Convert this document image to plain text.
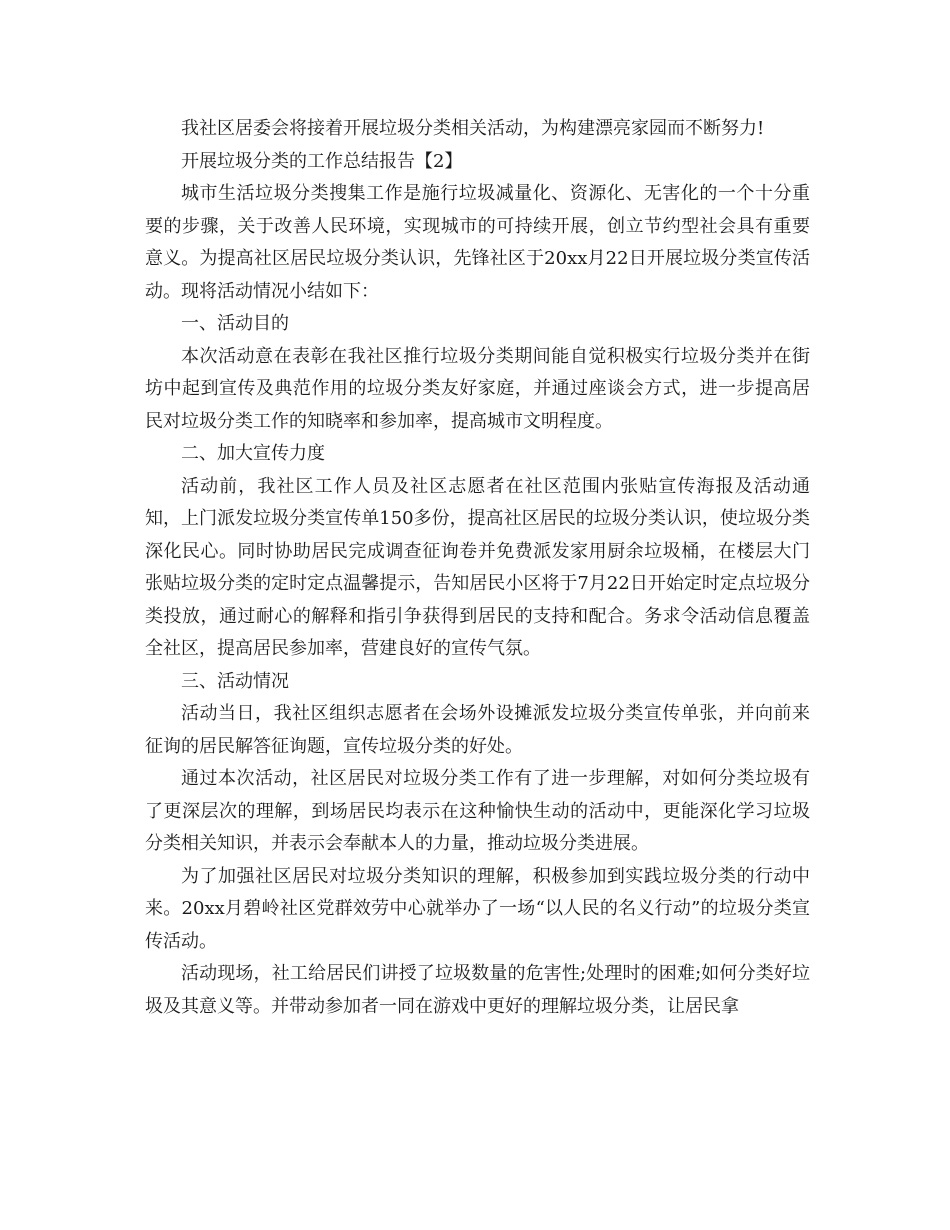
我社区居委会将接着开展垃圾分类相关活动，为构建漂亮家园而不断努力!

开展垃圾分类的工作总结报告【2】

城市生活垃圾分类搜集工作是施行垃圾减量化、资源化、无害化的一个十分重要的步骤，关于改善人民环境，实现城市的可持续开展，创立节约型社会具有重要意义。为提高社区居民垃圾分类认识，先锋社区于20xx月22日开展垃圾分类宣传活动。现将活动情况小结如下：

一、活动目的

本次活动意在表彰在我社区推行垃圾分类期间能自觉积极实行垃圾分类并在街坊中起到宣传及典范作用的垃圾分类友好家庭，并通过座谈会方式，进一步提高居民对垃圾分类工作的知晓率和参加率，提高城市文明程度。

二、加大宣传力度

活动前，我社区工作人员及社区志愿者在社区范围内张贴宣传海报及活动通知，上门派发垃圾分类宣传单150多份，提高社区居民的垃圾分类认识，使垃圾分类深化民心。同时协助居民完成调查征询卷并免费派发家用厨余垃圾桶，在楼层大门张贴垃圾分类的定时定点温馨提示，告知居民小区将于7月22日开始定时定点垃圾分类投放，通过耐心的解释和指引争获得到居民的支持和配合。务求令活动信息覆盖全社区，提高居民参加率，营建良好的宣传气氛。

三、活动情况

活动当日，我社区组织志愿者在会场外设摊派发垃圾分类宣传单张，并向前来征询的居民解答征询题，宣传垃圾分类的好处。

通过本次活动，社区居民对垃圾分类工作有了进一步理解，对如何分类垃圾有了更深层次的理解，到场居民均表示在这种愉快生动的活动中，更能深化学习垃圾分类相关知识，并表示会奉献本人的力量，推动垃圾分类进展。

为了加强社区居民对垃圾分类知识的理解，积极参加到实践垃圾分类的行动中来。20xx月碧岭社区党群效劳中心就举办了一场“以人民的名义行动”的垃圾分类宣传活动。

活动现场，社工给居民们讲授了垃圾数量的危害性;处理时的困难;如何分类好垃圾及其意义等。并带动参加者一同在游戏中更好的理解垃圾分类，让居民拿
